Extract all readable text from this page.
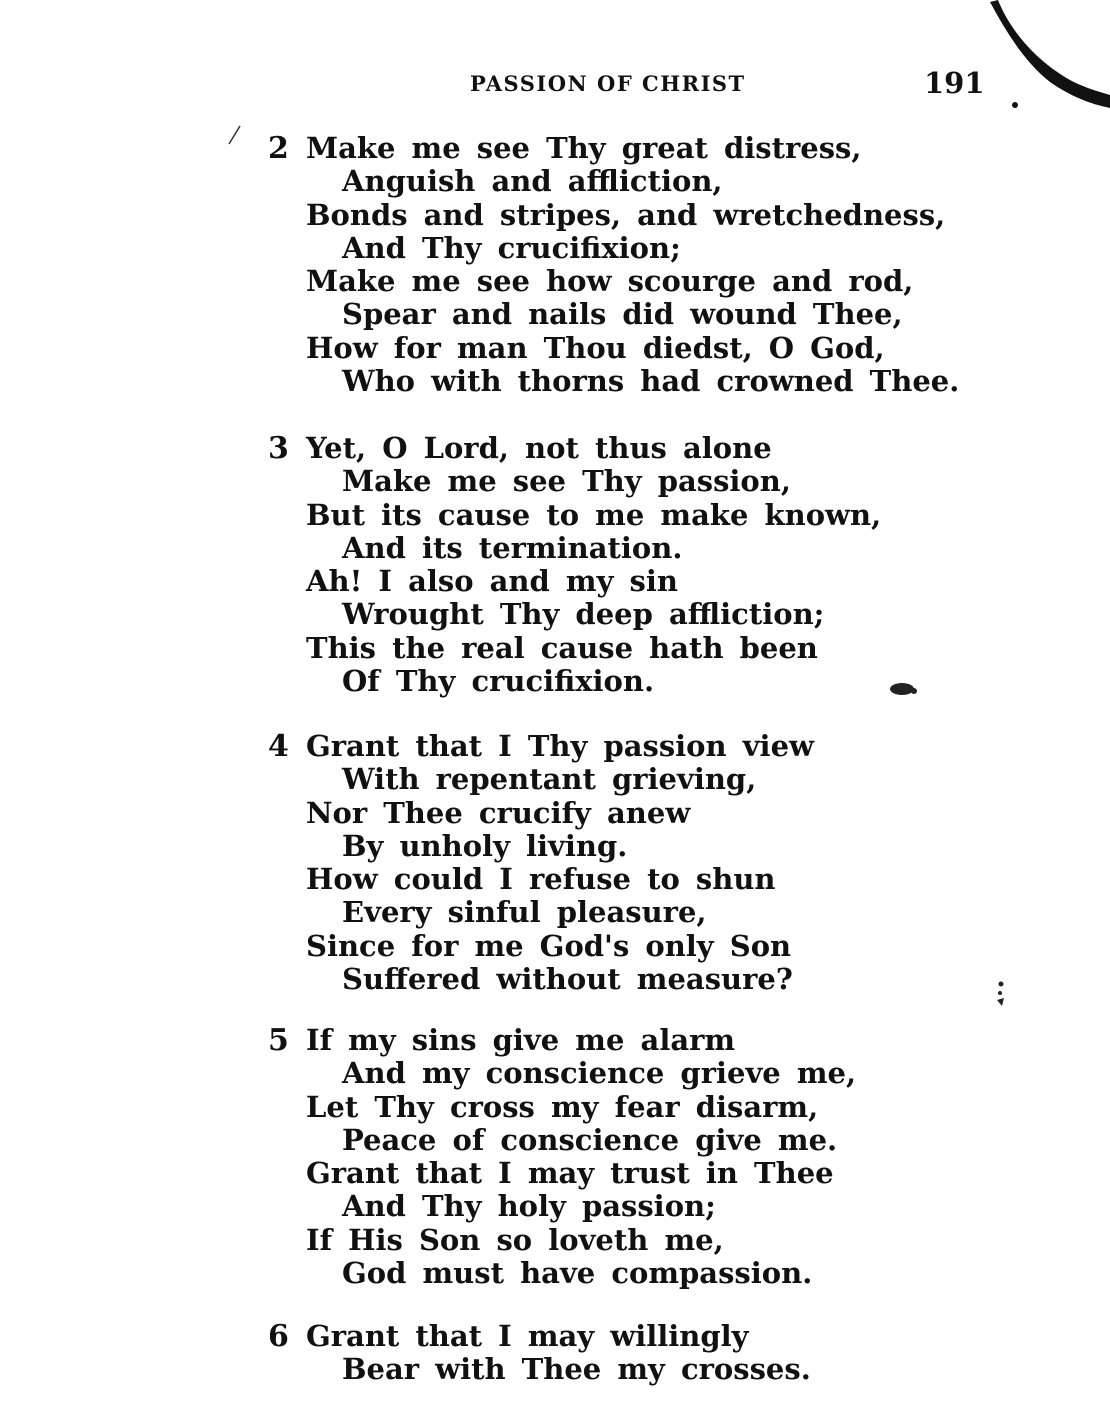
PASSION OF CHRIST	191
2 Make me see Thy great distress,
Anguish and affliction,
Bonds and stripes, and wretchedness,
And Thy crucifixion;
Make me see how scourge and rod,
Spear and nails did wound Thee,
How for man Thou diedst, O God,
Who with thorns had crowned Thee.
3 Yet, O Lord, not thus alone
Make me see Thy passion,
But its cause to me make known,
And its termination.
Ah! I also and my sin
Wrought Thy deep affliction;
This the real cause hath been
Of Thy crucifixion.
4 Grant that I Thy passion view
With repentant grieving,
Nor Thee crucify anew
By unholy living.
How could I refuse to shun
Every sinful pleasure,
Since for me God's only Son
Suffered without measure?
5 If my sins give me alarm
And my conscience grieve me,
Let Thy cross my fear disarm,
Peace of conscience give me.
Grant that I may trust in Thee
And Thy holy passion;
If His Son so loveth me,
God must have compassion.
6 Grant that I may willingly
Bear with Thee my crosses.
